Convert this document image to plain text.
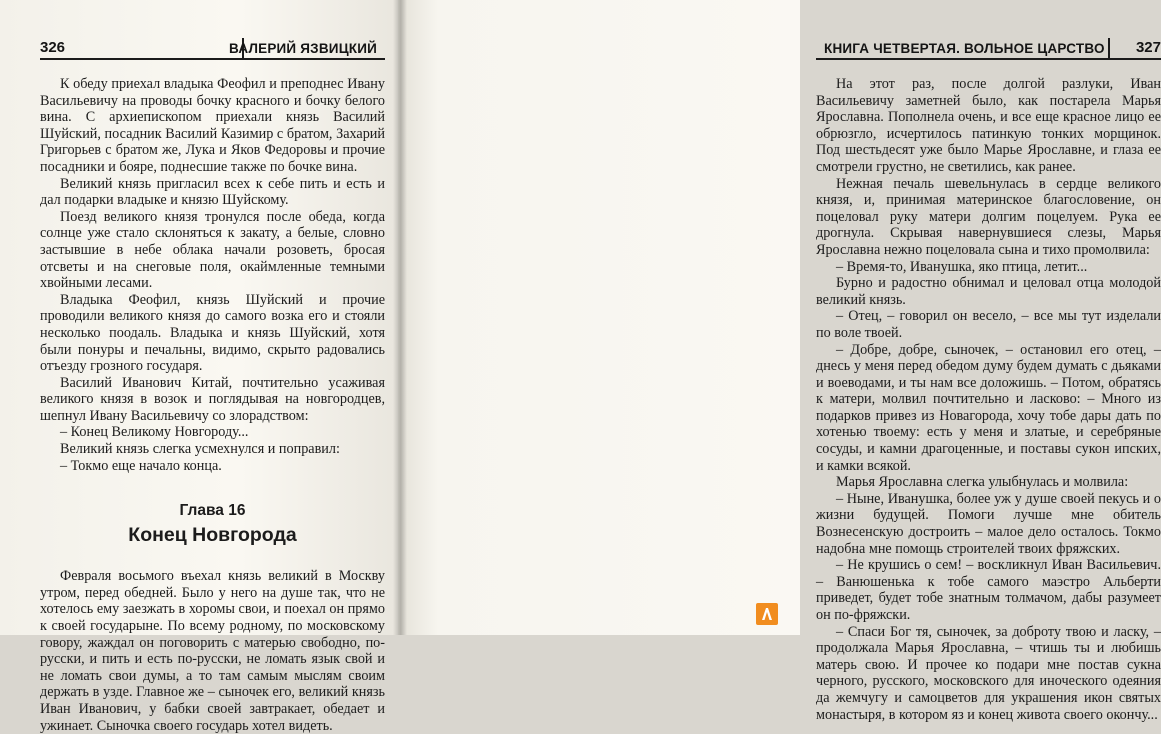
326	ВАЛЕРИЙ ЯЗВИЦКИЙ

К обеду приехал владыка Феофил и преподнес Ивану Васильевичу на проводы бочку красного и бочку белого вина. С архиепископом приехали князь Василий Шуйский, посадник Василий Казимир с братом, Захарий Григорьев с братом же, Лука и Яков Федоровы и прочие посадники и бояре, поднесшие также по бочке вина.

Великий князь пригласил всех к себе пить и есть и дал подарки владыке и князю Шуйскому.

Поезд великого князя тронулся после обеда, когда солнце уже стало склоняться к закату, а белые, словно застывшие в небе облака начали розоветь, бросая отсветы и на снеговые поля, окаймленные темными хвойными лесами.

Владыка Феофил, князь Шуйский и прочие проводили великого князя до самого возка его и стояли несколько поодаль. Владыка и князь Шуйский, хотя были понуры и печальны, видимо, скрыто радовались отъезду грозного государя.

Василий Иванович Китай, почтительно усаживая великого князя в возок и поглядывая на новгородцев, шепнул Ивану Васильевичу со злорадством:

– Конец Великому Новгороду...

Великий князь слегка усмехнулся и поправил:

– Токмо еще начало конца.

Глава 16
Конец Новгорода

Февраля восьмого въехал князь великий в Москву утром, перед обедней. Было у него на душе так, что не хотелось ему заезжать в хоромы свои, и поехал он прямо к своей государыне. По всему родному, по московскому говору, жаждал он поговорить с матерью свободно, по-русски, и пить и есть по-русски, не ломать язык свой и не ломать свои думы, а то там самым мыслям своим держать в узде. Главное же – сыночек его, великий князь Иван Иванович, у бабки своей завтракает, обедает и ужинает. Сыночка своего государь хотел видеть.

КНИГА ЧЕТВЕРТАЯ. ВОЛЬНОЕ ЦАРСТВО 327

На этот раз, после долгой разлуки, Иван Васильевичу заметней было, как постарела Марья Ярославна. Пополнела очень, и все еще красное лицо ее обрюзгло, исчертилось патинкую тонких морщинок. Под шестьдесят уже было Марье Ярославне, и глаза ее смотрели грустно, не светились, как ранее.

Нежная печаль шевельнулась в сердце великого князя, и, принимая материнское благословение, он поцеловал руку матери долгим поцелуем. Рука ее дрогнула. Скрывая навернувшиеся слезы, Марья Ярославна нежно поцеловала сына и тихо промолвила:

– Время-то, Иванушка, яко птица, летит...

Бурно и радостно обнимал и целовал отца молодой великий князь.

– Отец, – говорил он весело, – все мы тут изделали по воле твоей.

– Добре, добре, сыночек, – остановил его отец, – днесь у меня перед обедом думу будем думать с дьяками и воеводами, и ты нам все доложишь. – Потом, обратясь к матери, молвил почтительно и ласково: – Много из подарков привез из Новагорода, хочу тобе дары дать по хотенью твоему: есть у меня и златые, и серебряные сосуды, и камни драгоценные, и поставы сукон ипских, и камки всякой.

Марья Ярославна слегка улыбнулась и молвила:

– Ныне, Иванушка, более уж у душе своей пекусь и о жизни будущей. Помоги лучше мне обитель Вознесенскую достроить – малое дело осталось. Токмо надобна мне помощь строителей твоих фряжских.

– Не крушись о сем! – воскликнул Иван Васильевич. – Ванюшенька к тобе самого маэстро Альберти приведет, будет тобе знатным толмачом, дабы разумеет он по-фряжски.

– Спаси Бог тя, сыночек, за доброту твою и ласку, – продолжала Марья Ярославна, – чтишь ты и любишь матерь свою. И прочее ко подари мне постав сукна черного, русского, московского для иноческого одеяния да жемчугу и самоцветов для украшения икон святых монастыря, в котором яз и конец живота своего окончу...
